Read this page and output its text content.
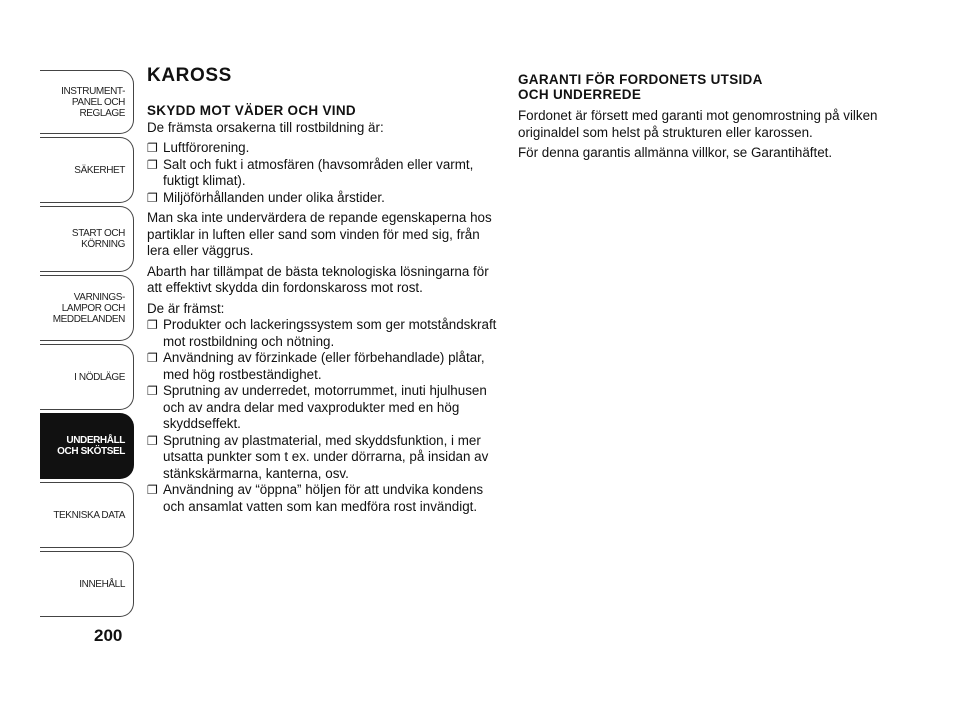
INSTRUMENT-
PANEL OCH
REGLAGE
SÄKERHET
START OCH
KÖRNING
VARNINGS-
LAMPOR OCH
MEDDELANDEN
I NÖDLÄGE
UNDERHÅLL
OCH SKÖTSEL
TEKNISKA DATA
INNEHÅLL
200
KAROSS
SKYDD MOT VÄDER OCH VIND

De främsta orsakerna till rostbildning är:

❐ Luftförorening.
❐ Salt och fukt i atmosfären (havsområden eller varmt, fuktigt klimat).
❐ Miljöförhållanden under olika årstider.

Man ska inte undervärdera de repande egenskaperna hos partiklar in luften eller sand som vinden för med sig, från lera eller väggrus.

Abarth har tillämpat de bästa teknologiska lösningarna för att effektivt skydda din fordonskaross mot rost.

De är främst:

❐ Produkter och lackeringssystem som ger motståndskraft mot rostbildning och nötning.
❐ Användning av förzinkade (eller förbehandlade) plåtar, med hög rostbeständighet.
❐ Sprutning av underredet, motorrummet, inuti hjulhusen och av andra delar med vaxprodukter med en hög skyddseffekt.
❐ Sprutning av plastmaterial, med skyddsfunktion, i mer utsatta punkter som t ex. under dörrarna, på insidan av stänkskärmarna, kanterna, osv.
❐ Användning av “öppna” höljen för att undvika kondens och ansamlat vatten som kan medföra rost invändigt.
GARANTI FÖR FORDONETS UTSIDA
OCH UNDERREDE

Fordonet är försett med garanti mot genomrostning på vilken originaldel som helst på strukturen eller karossen.

För denna garantis allmänna villkor, se Garantihäftet.
